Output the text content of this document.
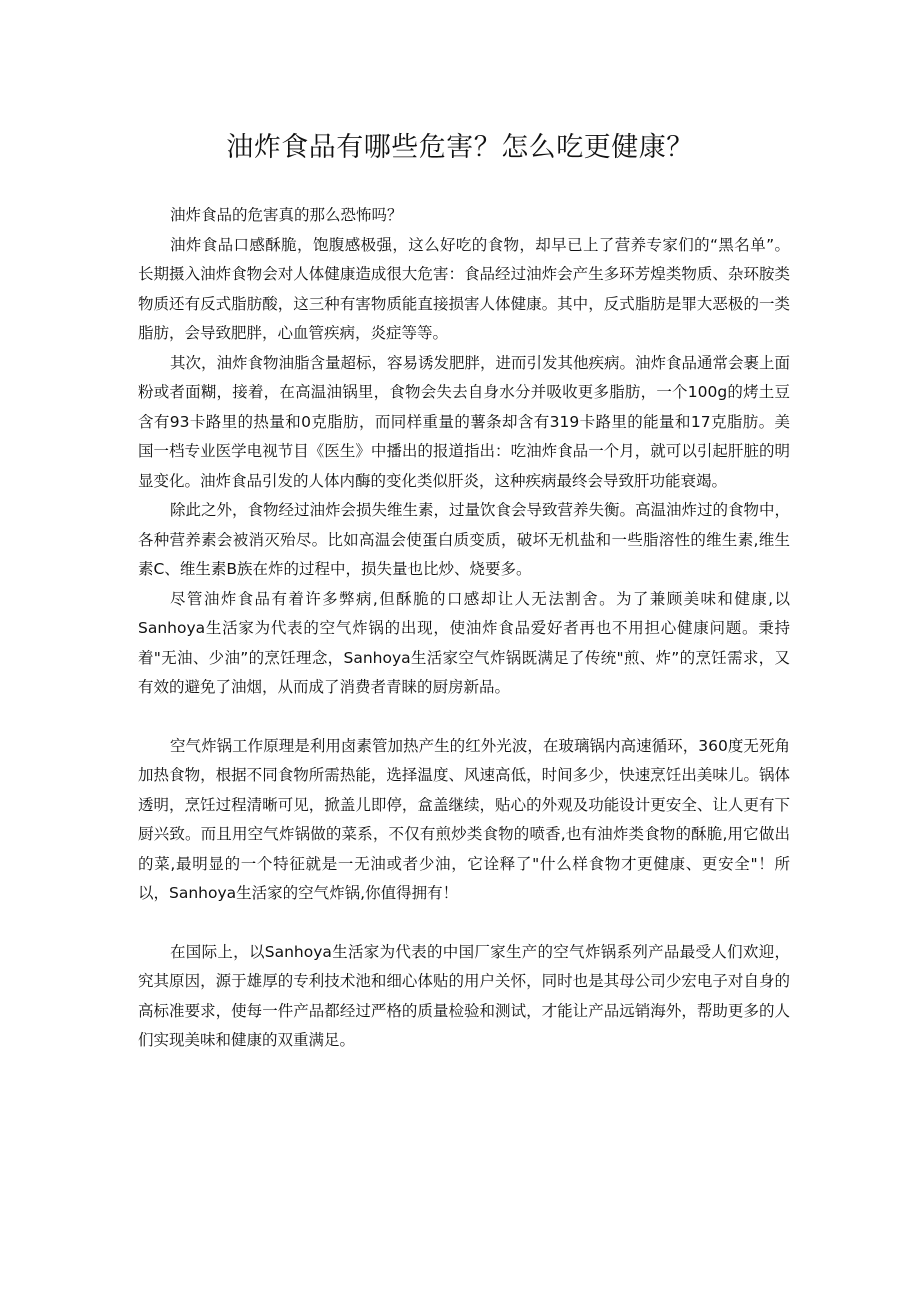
油炸食品有哪些危害？怎么吃更健康？

油炸食品的危害真的那么恐怖吗？

油炸食品口感酥脆，饱腹感极强，这么好吃的食物，却早已上了营养专家们的“黑名单”。长期摄入油炸食物会对人体健康造成很大危害：食品经过油炸会产生多环芳煌类物质、杂环胺类物质还有反式脂肪酸，这三种有害物质能直接损害人体健康。其中，反式脂肪是罪大恶极的一类脂肪，会导致肥胖，心血管疾病，炎症等等。

其次，油炸食物油脂含量超标，容易诱发肥胖，进而引发其他疾病。油炸食品通常会裹上面粉或者面糊，接着，在高温油锅里，食物会失去自身水分并吸收更多脂肪，一个100g的烤土豆含有93卡路里的热量和0克脂肪，而同样重量的薯条却含有319卡路里的能量和17克脂肪。美国一档专业医学电视节目《医生》中播出的报道指出：吃油炸食品一个月，就可以引起肝脏的明显变化。油炸食品引发的人体内酶的变化类似肝炎，这种疾病最终会导致肝功能衰竭。

除此之外，食物经过油炸会损失维生素，过量饮食会导致营养失衡。高温油炸过的食物中，各种营养素会被消灭殆尽。比如高温会使蛋白质变质，破坏无机盐和一些脂溶性的维生素,维生素C、维生素B族在炸的过程中，损失量也比炒、烧要多。

尽管油炸食品有着许多弊病,但酥脆的口感却让人无法割舍。为了兼顾美味和健康,以Sanhoya生活家为代表的空气炸锅的出现，使油炸食品爱好者再也不用担心健康问题。秉持着"无油、少油”的烹饪理念，Sanhoya生活家空气炸锅既满足了传统"煎、炸”的烹饪需求，又有效的避免了油烟，从而成了消费者青睐的厨房新品。

空气炸锅工作原理是利用卤素管加热产生的红外光波，在玻璃锅内高速循环，360度无死角加热食物，根据不同食物所需热能，选择温度、风速高低，时间多少，快速烹饪出美味儿。锅体透明，烹饪过程清晰可见，掀盖儿即停，盒盖继续，贴心的外观及功能设计更安全、让人更有下厨兴致。而且用空气炸锅做的菜系，不仅有煎炒类食物的喷香,也有油炸类食物的酥脆,用它做出的菜,最明显的一个特征就是一无油或者少油，它诠释了"什么样食物才更健康、更安全"！所以，Sanhoya生活家的空气炸锅,你值得拥有！

在国际上，以Sanhoya生活家为代表的中国厂家生产的空气炸锅系列产品最受人们欢迎，究其原因，源于雄厚的专利技术池和细心体贴的用户关怀，同时也是其母公司少宏电子对自身的高标准要求，使每一件产品都经过严格的质量检验和测试，才能让产品远销海外，帮助更多的人们实现美味和健康的双重满足。
